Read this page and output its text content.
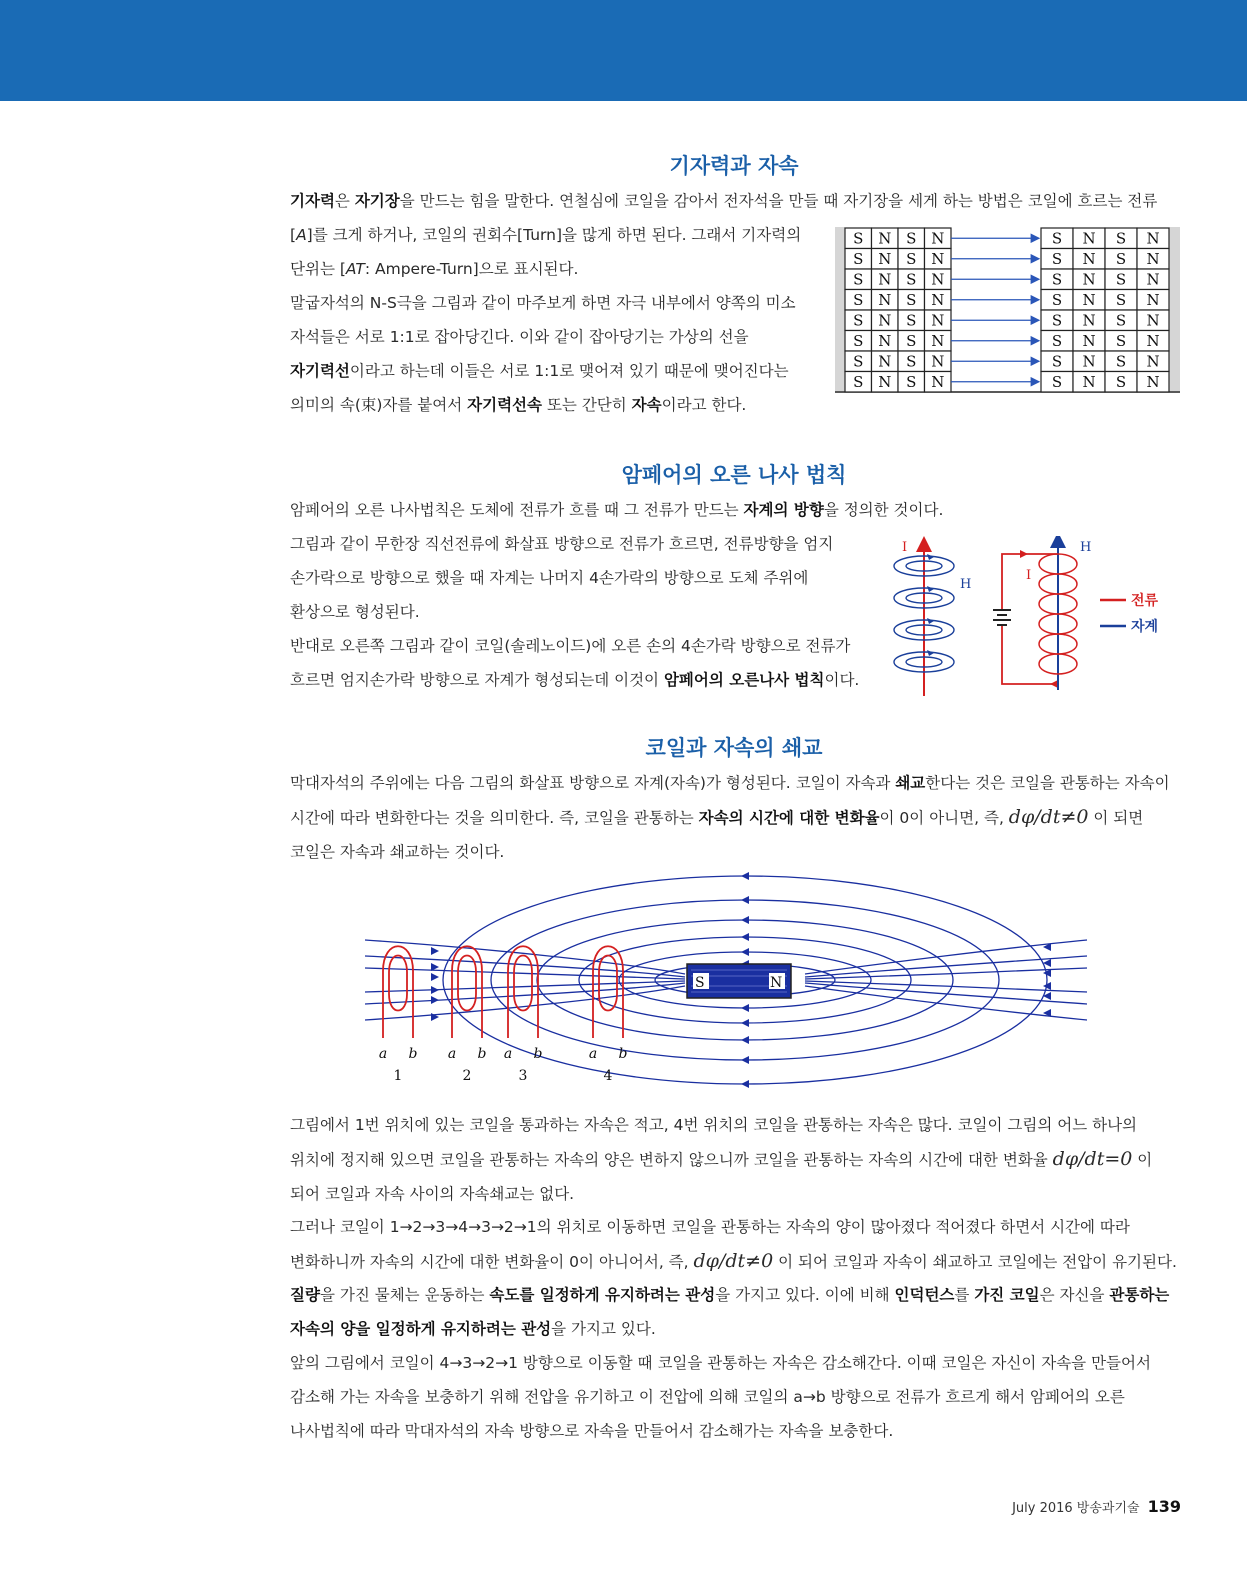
기자력과 자속

기자력은 자기장을 만드는 힘을 말한다. 연철심에 코일을 감아서 전자석을 만들 때 자기장을 세게 하는 방법은 코일에 흐르는 전류

[A]를 크게 하거나, 코일의 권회수[Turn]을 많게 하면 된다. 그래서 기자력의 단위는 [AT: Ampere-Turn]으로 표시된다.

말굽자석의 N-S극을 그림과 같이 마주보게 하면 자극 내부에서 양쪽의 미소 자석들은 서로 1:1로 잡아당긴다. 이와 같이 잡아당기는 가상의 선을 자기력선이라고 하는데 이들은 서로 1:1로 맺어져 있기 때문에 맺어진다는 의미의 속(束)자를 붙여서 자기력선속 또는 간단히 자속이라고 한다.

S N S N	S N S N
S N S N	S N S N
S N S N	S N S N
S N S N	S N S N
S N S N	S N S N
S N S N	S N S N
S N S N	S N S N
S N S N	S N S N
암페어의 오른 나사 법칙

암페어의 오른 나사법칙은 도체에 전류가 흐를 때 그 전류가 만드는 자계의 방향을 정의한 것이다.

그림과 같이 무한장 직선전류에 화살표 방향으로 전류가 흐르면, 전류방향을 엄지 손가락으로 방향으로 했을 때 자계는 나머지 4손가락의 방향으로 도체 주위에 환상으로 형성된다.

반대로 오른쪽 그림과 같이 코일(솔레노이드)에 오른 손의 4손가락 방향으로 전류가 흐르면 엄지손가락 방향으로 자계가 형성되는데 이것이 암페어의 오른나사 법칙이다.

I
H
I
H
전류
자계
코일과 자속의 쇄교

막대자석의 주위에는 다음 그림의 화살표 방향으로 자계(자속)가 형성된다. 코일이 자속과 쇄교한다는 것은 코일을 관통하는 자속이 시간에 따라 변화한다는 것을 의미한다. 즉, 코일을 관통하는 자속의 시간에 대한 변화율이 0이 아니면, 즉, dφ/dt≠0 이 되면 코일은 자속과 쇄교하는 것이다.

S	N
a b
1
a b
2
a b
3
a b
4

그림에서 1번 위치에 있는 코일을 통과하는 자속은 적고, 4번 위치의 코일을 관통하는 자속은 많다. 코일이 그림의 어느 하나의 위치에 정지해 있으면 코일을 관통하는 자속의 양은 변하지 않으니까 코일을 관통하는 자속의 시간에 대한 변화율 dφ/dt=0 이 되어 코일과 자속 사이의 자속쇄교는 없다.

그러나 코일이 1→2→3→4→3→2→1의 위치로 이동하면 코일을 관통하는 자속의 양이 많아졌다 적어졌다 하면서 시간에 따라 변화하니까 자속의 시간에 대한 변화율이 0이 아니어서, 즉, dφ/dt≠0 이 되어 코일과 자속이 쇄교하고 코일에는 전압이 유기된다.

질량을 가진 물체는 운동하는 속도를 일정하게 유지하려는 관성을 가지고 있다. 이에 비해 인덕턴스를 가진 코일은 자신을 관통하는 자속의 양을 일정하게 유지하려는 관성을 가지고 있다.

앞의 그림에서 코일이 4→3→2→1 방향으로 이동할 때 코일을 관통하는 자속은 감소해간다. 이때 코일은 자신이 자속을 만들어서 감소해 가는 자속을 보충하기 위해 전압을 유기하고 이 전압에 의해 코일의 a→b 방향으로 전류가 흐르게 해서 암페어의 오른 나사법칙에 따라 막대자석의 자속 방향으로 자속을 만들어서 감소해가는 자속을 보충한다.

July 2016 방송과기술 139
